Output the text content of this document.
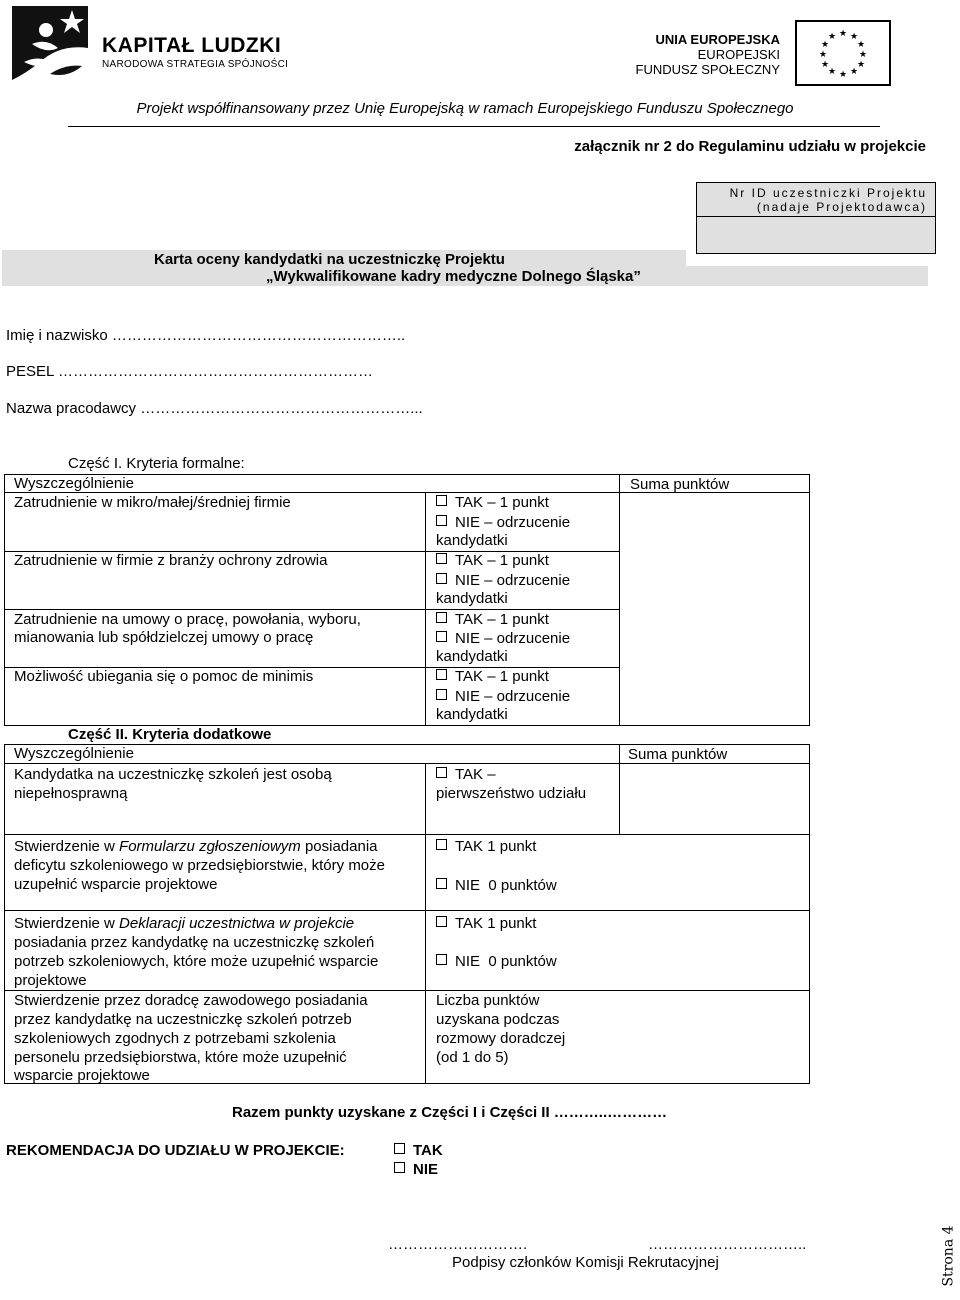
KAPITAŁ LUDZKI
NARODOWA STRATEGIA SPÓJNOŚCI
UNIA EUROPEJSKA
EUROPEJSKI
FUNDUSZ SPOŁECZNY
★ ★
★
★
★
★
★
★
★
★
★
★
Projekt współfinansowany przez Unię Europejską w ramach Europejskiego Funduszu Społecznego
załącznik nr 2 do Regulaminu udziału w projekcie
Nr ID uczestniczki Projektu
(nadaje Projektodawca)
Karta oceny kandydatki na uczestniczkę Projektu
„Wykwalifikowane kadry medyczne Dolnego Śląska”
Imię i nazwisko …………………………………………………..
PESEL ………………………………………………………
Nazwa pracodawcy ………………………………………………...
Część I. Kryteria formalne:
Wyszczególnienie	Suma punktów
Zatrudnienie w mikro/małej/średniej firmie	TAK – 1 punkt
NIE – odrzucenie
kandydatki
Zatrudnienie w firmie z branży ochrony zdrowia	TAK – 1 punkt
NIE – odrzucenie
kandydatki
Zatrudnienie na umowy o pracę, powołania, wyboru,
mianowania lub spółdzielczej umowy o pracę
TAK – 1 punkt
NIE – odrzucenie
kandydatki
Możliwość ubiegania się o pomoc de minimis	TAK – 1 punkt
NIE – odrzucenie
kandydatki
Część II. Kryteria dodatkowe
Wyszczególnienie	Suma punktów
Kandydatka na uczestniczkę szkoleń jest osobą
niepełnosprawną
TAK –
pierwszeństwo udziału
Stwierdzenie w Formularzu zgłoszeniowym posiadania
deficytu szkoleniowego w przedsiębiorstwie, który może
uzupełnić wsparcie projektowe
TAK 1 punkt
NIE  0 punktów
Stwierdzenie w Deklaracji uczestnictwa w projekcie
posiadania przez kandydatkę na uczestniczkę szkoleń
potrzeb szkoleniowych, które może uzupełnić wsparcie
projektowe
TAK 1 punkt
NIE  0 punktów
Stwierdzenie przez doradcę zawodowego posiadania
przez kandydatkę na uczestniczkę szkoleń potrzeb
szkoleniowych zgodnych z potrzebami szkolenia
personelu przedsiębiorstwa, które może uzupełnić
wsparcie projektowe
Liczba punktów
uzyskana podczas
rozmowy doradczej
(od 1 do 5)
Razem punkty uzyskane z Części I i Części II ………..…………
REKOMENDACJA DO UDZIAŁU W PROJEKCIE:	TAK
NIE
……………………….	…………………………..
Podpisy członków Komisji Rekrutacyjnej	Strona 4
